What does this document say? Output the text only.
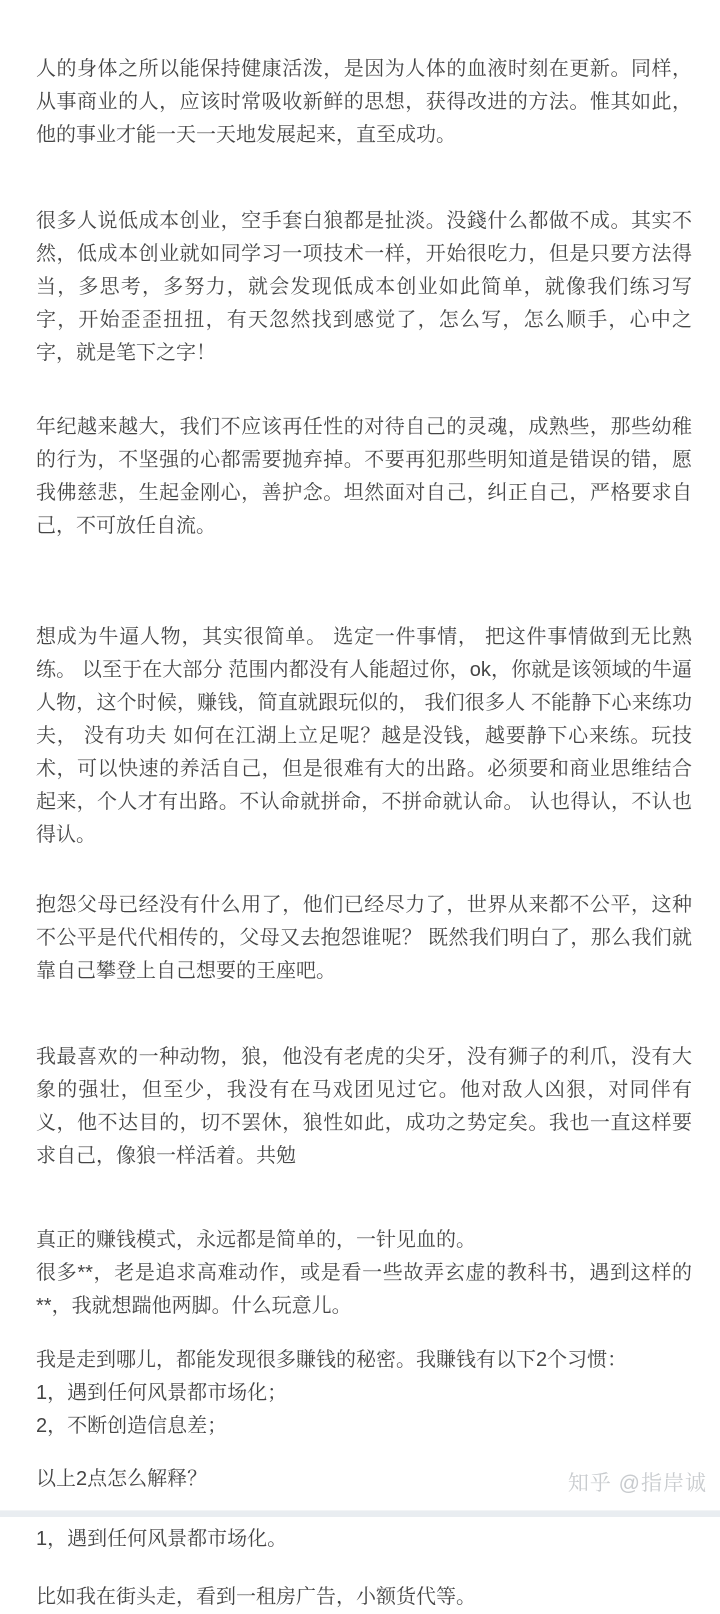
人的身体之所以能保持健康活泼，是因为人体的血液时刻在更新。同样，从事商业的人，应该时常吸收新鲜的思想，获得改进的方法。惟其如此，他的事业才能一天一天地发展起来，直至成功。

很多人说低成本创业，空手套白狼都是扯淡。没錢什么都做不成。其实不然，低成本创业就如同学习一项技术一样，开始很吃力，但是只要方法得当，多思考，多努力，就会发现低成本创业如此简单，就像我们练习写字，开始歪歪扭扭，有天忽然找到感觉了，怎么写，怎么顺手，心中之字，就是笔下之字！

年纪越来越大，我们不应该再任性的对待自己的灵魂，成熟些，那些幼稚的行为，不坚强的心都需要抛弃掉。不要再犯那些明知道是错误的错，愿我佛慈悲，生起金刚心，善护念。坦然面对自己，纠正自己，严格要求自己，不可放任自流。

想成为牛逼人物，其实很简单。 选定一件事情， 把这件事情做到无比熟练。 以至于在大部分 范围内都没有人能超过你，ok，你就是该领域的牛逼人物，这个时候，赚钱，简直就跟玩似的， 我们很多人 不能静下心来练功夫， 没有功夫 如何在江湖上立足呢？越是没钱，越要静下心来练。玩技术，可以快速的养活自己，但是很难有大的出路。必须要和商业思维结合起来，个人才有出路。不认命就拼命，不拼命就认命。 认也得认，不认也得认。

抱怨父母已经没有什么用了，他们已经尽力了，世界从来都不公平，这种不公平是代代相传的，父母又去抱怨谁呢？ 既然我们明白了，那么我们就靠自己攀登上自己想要的王座吧。

我最喜欢的一种动物，狼，他没有老虎的尖牙，没有狮子的利爪，没有大象的强壮，但至少，我没有在马戏团见过它。他对敌人凶狠，对同伴有义，他不达目的，切不罢休，狼性如此，成功之势定矣。我也一直这样要求自己，像狼一样活着。共勉

真正的赚钱模式，永远都是简单的，一针见血的。
很多**，老是追求高难动作，或是看一些故弄玄虚的教科书，遇到这样的**，我就想踹他两脚。什么玩意儿。

我是走到哪儿，都能发现很多賺钱的秘密。我賺钱有以下2个习惯：
1，遇到任何风景都市场化；
2，不断创造信息差；

以上2点怎么解释？

1，遇到任何风景都市场化。

比如我在街头走，看到一租房广告，小额货代等。

知乎 @指岸诚
